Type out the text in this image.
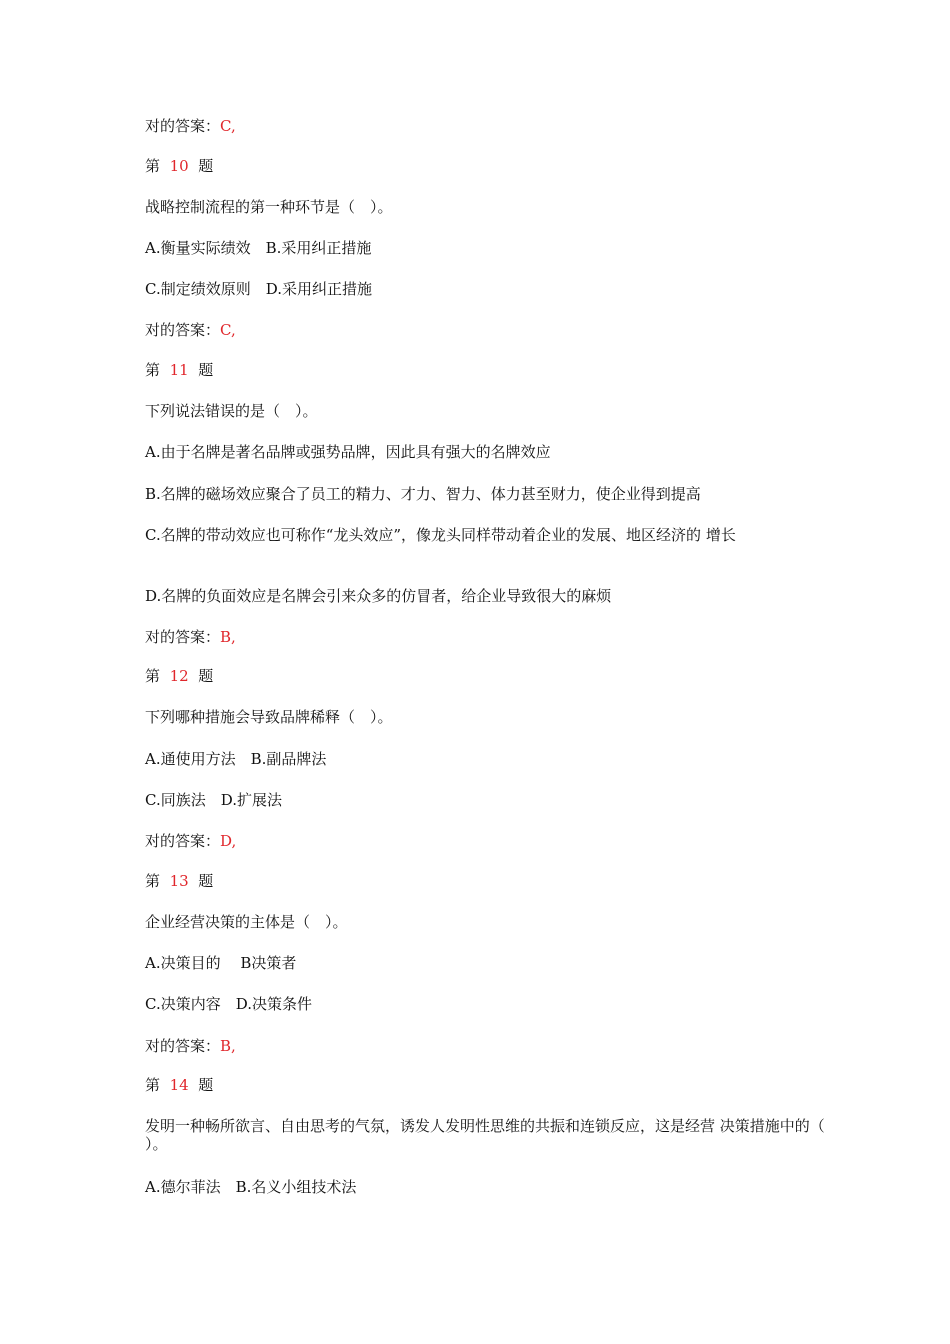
对的答案：C,

第 10 题

战略控制流程的第一种环节是（　）。

A.衡量实际绩效　B.采用纠正措施

C.制定绩效原则　D.采用纠正措施

对的答案：C,

第 11 题

下列说法错误的是（　）。

A.由于名牌是著名品牌或强势品牌，因此具有强大的名牌效应

B.名牌的磁场效应聚合了员工的精力、才力、智力、体力甚至财力，使企业得到提高

C.名牌的带动效应也可称作“龙头效应”，像龙头同样带动着企业的发展、地区经济的 增长

D.名牌的负面效应是名牌会引来众多的仿冒者，给企业导致很大的麻烦

对的答案：B,

第 12 题

下列哪种措施会导致品牌稀释（　）。

A.通使用方法　B.副品牌法

C.同族法　D.扩展法

对的答案：D,

第 13 题

企业经营决策的主体是（　）。

A.决策目的　 B决策者

C.决策内容　D.决策条件

对的答案：B,

第 14 题

发明一种畅所欲言、自由思考的气氛，诱发人发明性思维的共振和连锁反应，这是经营 决策措施中的（ ）。

A.德尔菲法　B.名义小组技术法
